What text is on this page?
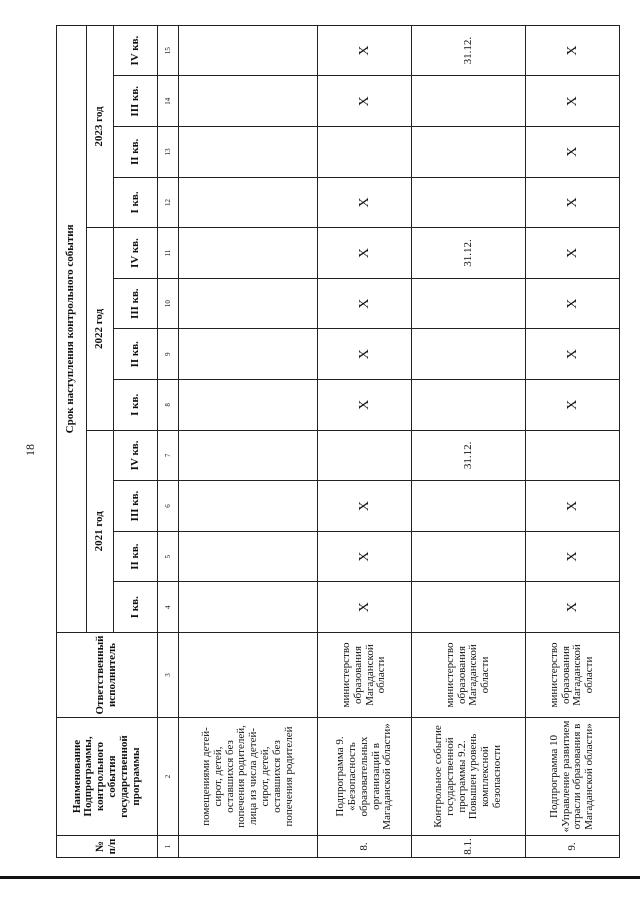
18
№ п/п	Наименование Подпрограммы, контрольного события государственной программы	Ответственный исполнитель	Срок наступления контрольного события											
			2021 год				2022 год				2023 год			
			I кв.	II кв.	III кв.	IV кв.	I кв.	II кв.	III кв.	IV кв.	I кв.	II кв.	III кв.	IV кв.
1	2	3	4	5	6	7	8	9	10	11	12	13	14	15
	помещениями детей-сирот, детей, оставшихся без попечения родителей, лица из числа детей-сирот, детей, оставшихся без попечения родителей													
8.	Подпрограмма 9. «Безопасность образовательных организаций в Магаданской области»	министерство образования Магаданской области	X	X	X		X	X	X	X	X		X	X
8.1.	Контрольное событие государственной программы 9.2. Повышен уровень комплексной безопасности	министерство образования Магаданской области				31.12.				31.12.				31.12.
9.	Подпрограмма 10 «Управление развитием отрасли образования в Магаданской области»	министерство образования Магаданской области	X	X	X		X	X	X	X	X	X	X	X
